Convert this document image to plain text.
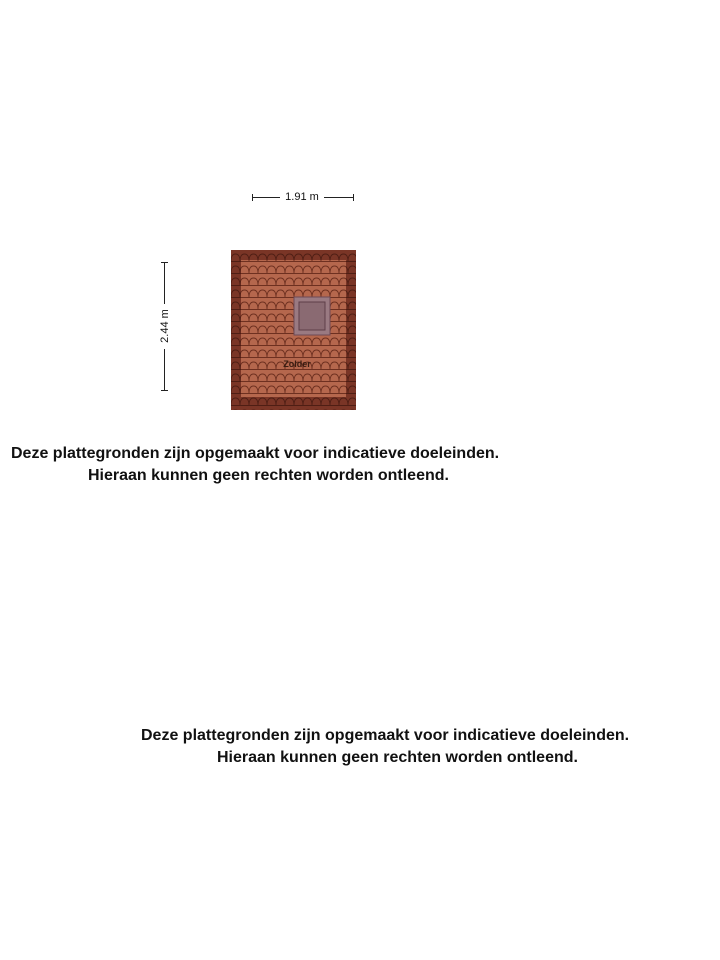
1.91 m
2.44 m
Zolder
Deze plattegronden zijn opgemaakt voor indicatieve doeleinden.
Hieraan kunnen geen rechten worden ontleend.
Deze plattegronden zijn opgemaakt voor indicatieve doeleinden.
Hieraan kunnen geen rechten worden ontleend.
